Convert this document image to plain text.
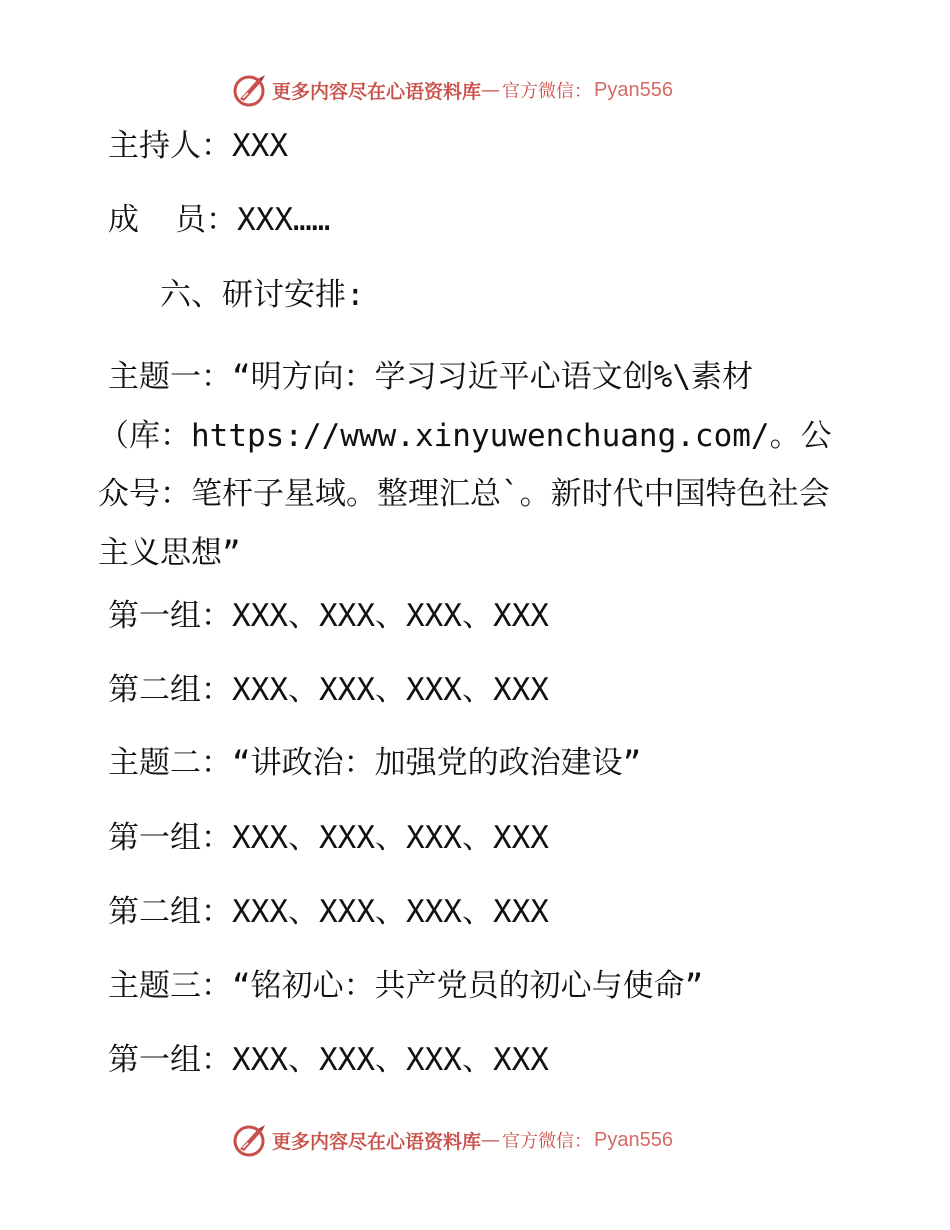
更多内容尽在心语资料库 — 官方微信： Pyan556
主持人：XXX
成 员：XXX……
六、研讨安排:
主题一：“明方向：学习习近平心语文创%\素材（库：https://www.xinyuwenchuang.com/。公众号：笔杆子星域。整理汇总`。新时代中国特色社会主义思想”
第一组：XXX、XXX、XXX、XXX
第二组：XXX、XXX、XXX、XXX
主题二：“讲政治：加强党的政治建设”
第一组：XXX、XXX、XXX、XXX
第二组：XXX、XXX、XXX、XXX
主题三：“铭初心：共产党员的初心与使命”
第一组：XXX、XXX、XXX、XXX
更多内容尽在心语资料库 — 官方微信： Pyan556
